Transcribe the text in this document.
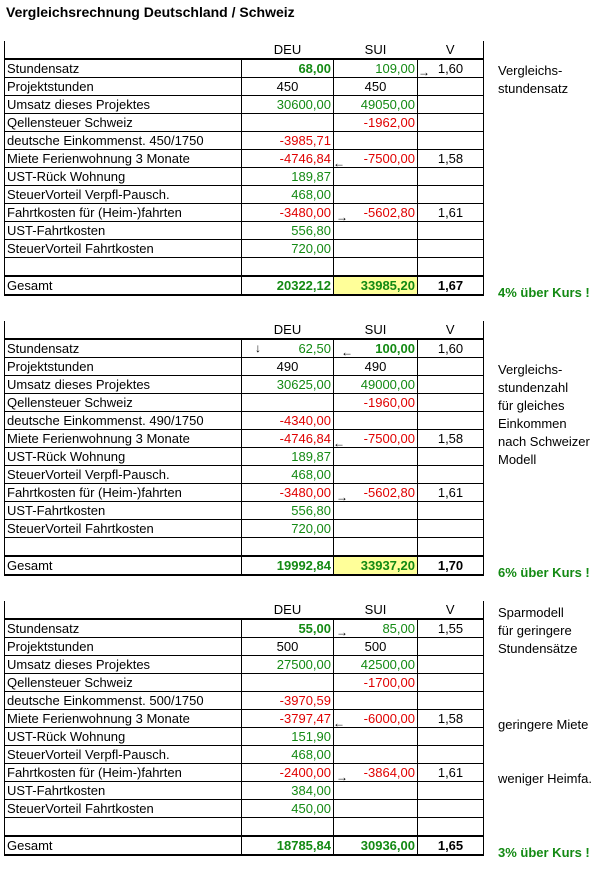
Vergleichsrechnung Deutschland / Schweiz
	DEU	SUI	V
Stundensatz	68,00	109,00	1,60
Projektstunden	450	450	
Umsatz dieses Projektes	30600,00	49050,00	
Qellensteuer Schweiz		-1962,00	
deutsche Einkommenst. 450/1750	-3985,71		
Miete Ferienwohnung 3 Monate	-4746,84	-7500,00	1,58
UST-Rück Wohnung	189,87		
SteuerVorteil Verpfl-Pausch.	468,00		
Fahrtkosten für (Heim-)fahrten	-3480,00	-5602,80	1,61
UST-Fahrtkosten	556,80		
SteuerVorteil Fahrtkosten	720,00		

Gesamt	20322,12	33985,20	1,67
	DEU	SUI	V
Stundensatz	62,50	100,00	1,60
Projektstunden	490	490	
Umsatz dieses Projektes	30625,00	49000,00	
Qellensteuer Schweiz		-1960,00	
deutsche Einkommenst. 490/1750	-4340,00		
Miete Ferienwohnung 3 Monate	-4746,84	-7500,00	1,58
UST-Rück Wohnung	189,87		
SteuerVorteil Verpfl-Pausch.	468,00		
Fahrtkosten für (Heim-)fahrten	-3480,00	-5602,80	1,61
UST-Fahrtkosten	556,80		
SteuerVorteil Fahrtkosten	720,00		

Gesamt	19992,84	33937,20	1,70
	DEU	SUI	V
Stundensatz	55,00	85,00	1,55
Projektstunden	500	500	
Umsatz dieses Projektes	27500,00	42500,00	
Qellensteuer Schweiz		-1700,00	
deutsche Einkommenst. 500/1750	-3970,59		
Miete Ferienwohnung 3 Monate	-3797,47	-6000,00	1,58
UST-Rück Wohnung	151,90		
SteuerVorteil Verpfl-Pausch.	468,00		
Fahrtkosten für (Heim-)fahrten	-2400,00	-3864,00	1,61
UST-Fahrtkosten	384,00		
SteuerVorteil Fahrtkosten	450,00		

Gesamt	18785,84	30936,00	1,65
→
←
→
↓	←
←
→
→
←
→
Vergleichs-
stundensatz
4% über Kurs !
Vergleichs-
stundenzahl
für gleiches
Einkommen
nach Schweizer
Modell
6% über Kurs !
Sparmodell
für geringere
Stundensätze
geringere Miete
weniger Heimfa.
3% über Kurs !
